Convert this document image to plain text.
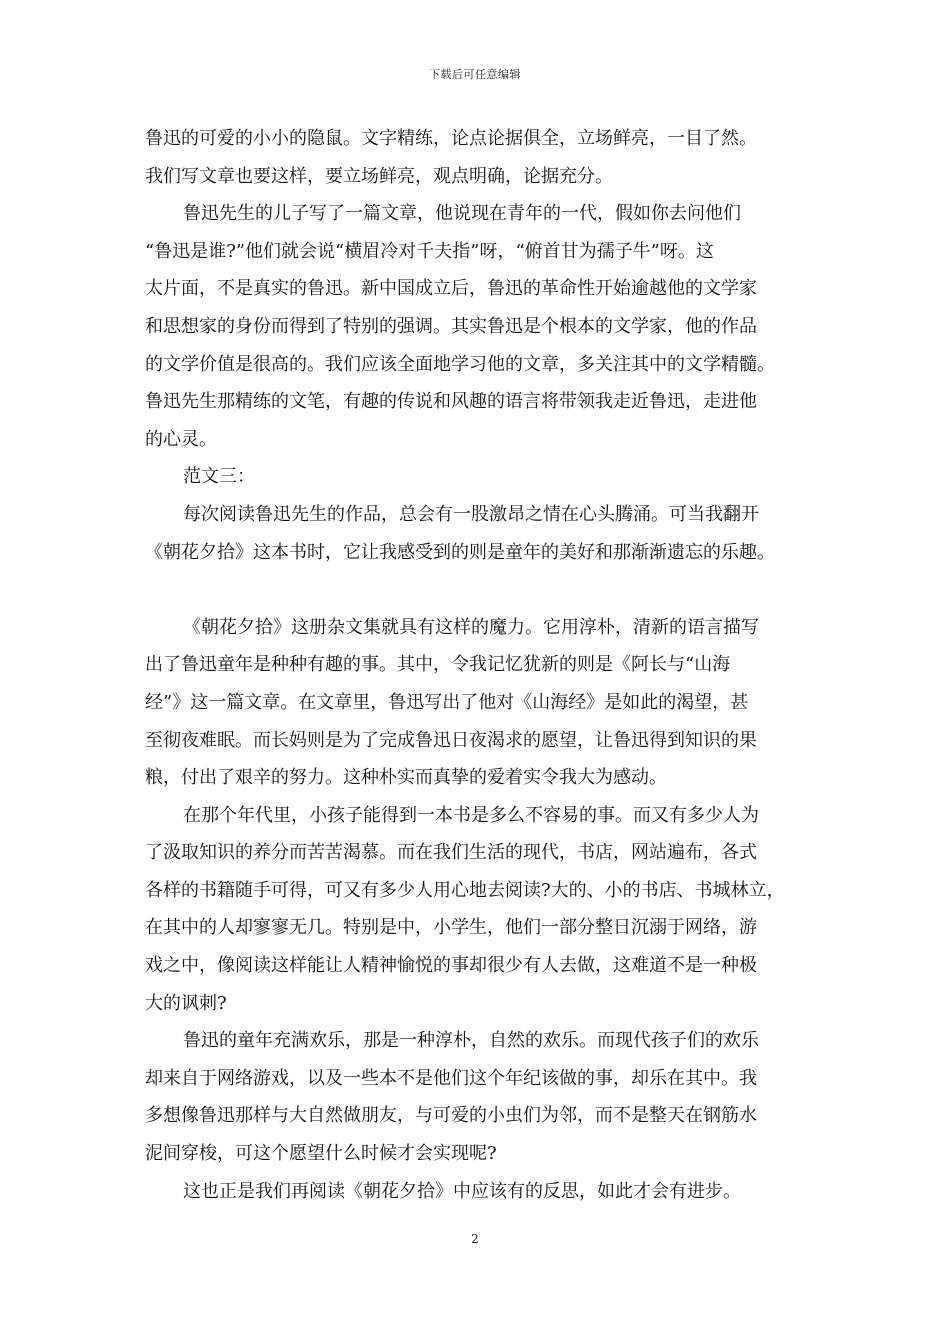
下载后可任意编辑
鲁迅的可爱的小小的隐鼠。文字精练，论点论据俱全，立场鲜亮，一目了然。
我们写文章也要这样，要立场鲜亮，观点明确，论据充分。
鲁迅先生的儿子写了一篇文章，他说现在青年的一代，假如你去问他们
“鲁迅是谁?”他们就会说“横眉冷对千夫指”呀，“俯首甘为孺子牛”呀。这
太片面，不是真实的鲁迅。新中国成立后，鲁迅的革命性开始逾越他的文学家
和思想家的身份而得到了特别的强调。其实鲁迅是个根本的文学家，他的作品
的文学价值是很高的。我们应该全面地学习他的文章，多关注其中的文学精髓。
鲁迅先生那精练的文笔，有趣的传说和风趣的语言将带领我走近鲁迅，走进他
的心灵。
范文三：
每次阅读鲁迅先生的作品，总会有一股激昂之情在心头腾涌。可当我翻开
《朝花夕拾》这本书时，它让我感受到的则是童年的美好和那渐渐遗忘的乐趣。
《朝花夕拾》这册杂文集就具有这样的魔力。它用淳朴，清新的语言描写
出了鲁迅童年是种种有趣的事。其中，令我记忆犹新的则是《阿长与“山海
经”》这一篇文章。在文章里，鲁迅写出了他对《山海经》是如此的渴望，甚
至彻夜难眠。而长妈则是为了完成鲁迅日夜渴求的愿望，让鲁迅得到知识的果
粮，付出了艰辛的努力。这种朴实而真挚的爱着实令我大为感动。
在那个年代里，小孩子能得到一本书是多么不容易的事。而又有多少人为
了汲取知识的养分而苦苦渴慕。而在我们生活的现代，书店，网站遍布，各式
各样的书籍随手可得，可又有多少人用心地去阅读?大的、小的书店、书城林立，
在其中的人却寥寥无几。特别是中，小学生，他们一部分整日沉溺于网络，游
戏之中，像阅读这样能让人精神愉悦的事却很少有人去做，这难道不是一种极
大的讽刺?
鲁迅的童年充满欢乐，那是一种淳朴，自然的欢乐。而现代孩子们的欢乐
却来自于网络游戏，以及一些本不是他们这个年纪该做的事，却乐在其中。我
多想像鲁迅那样与大自然做朋友，与可爱的小虫们为邻，而不是整天在钢筋水
泥间穿梭，可这个愿望什么时候才会实现呢?
这也正是我们再阅读《朝花夕拾》中应该有的反思，如此才会有进步。
2
